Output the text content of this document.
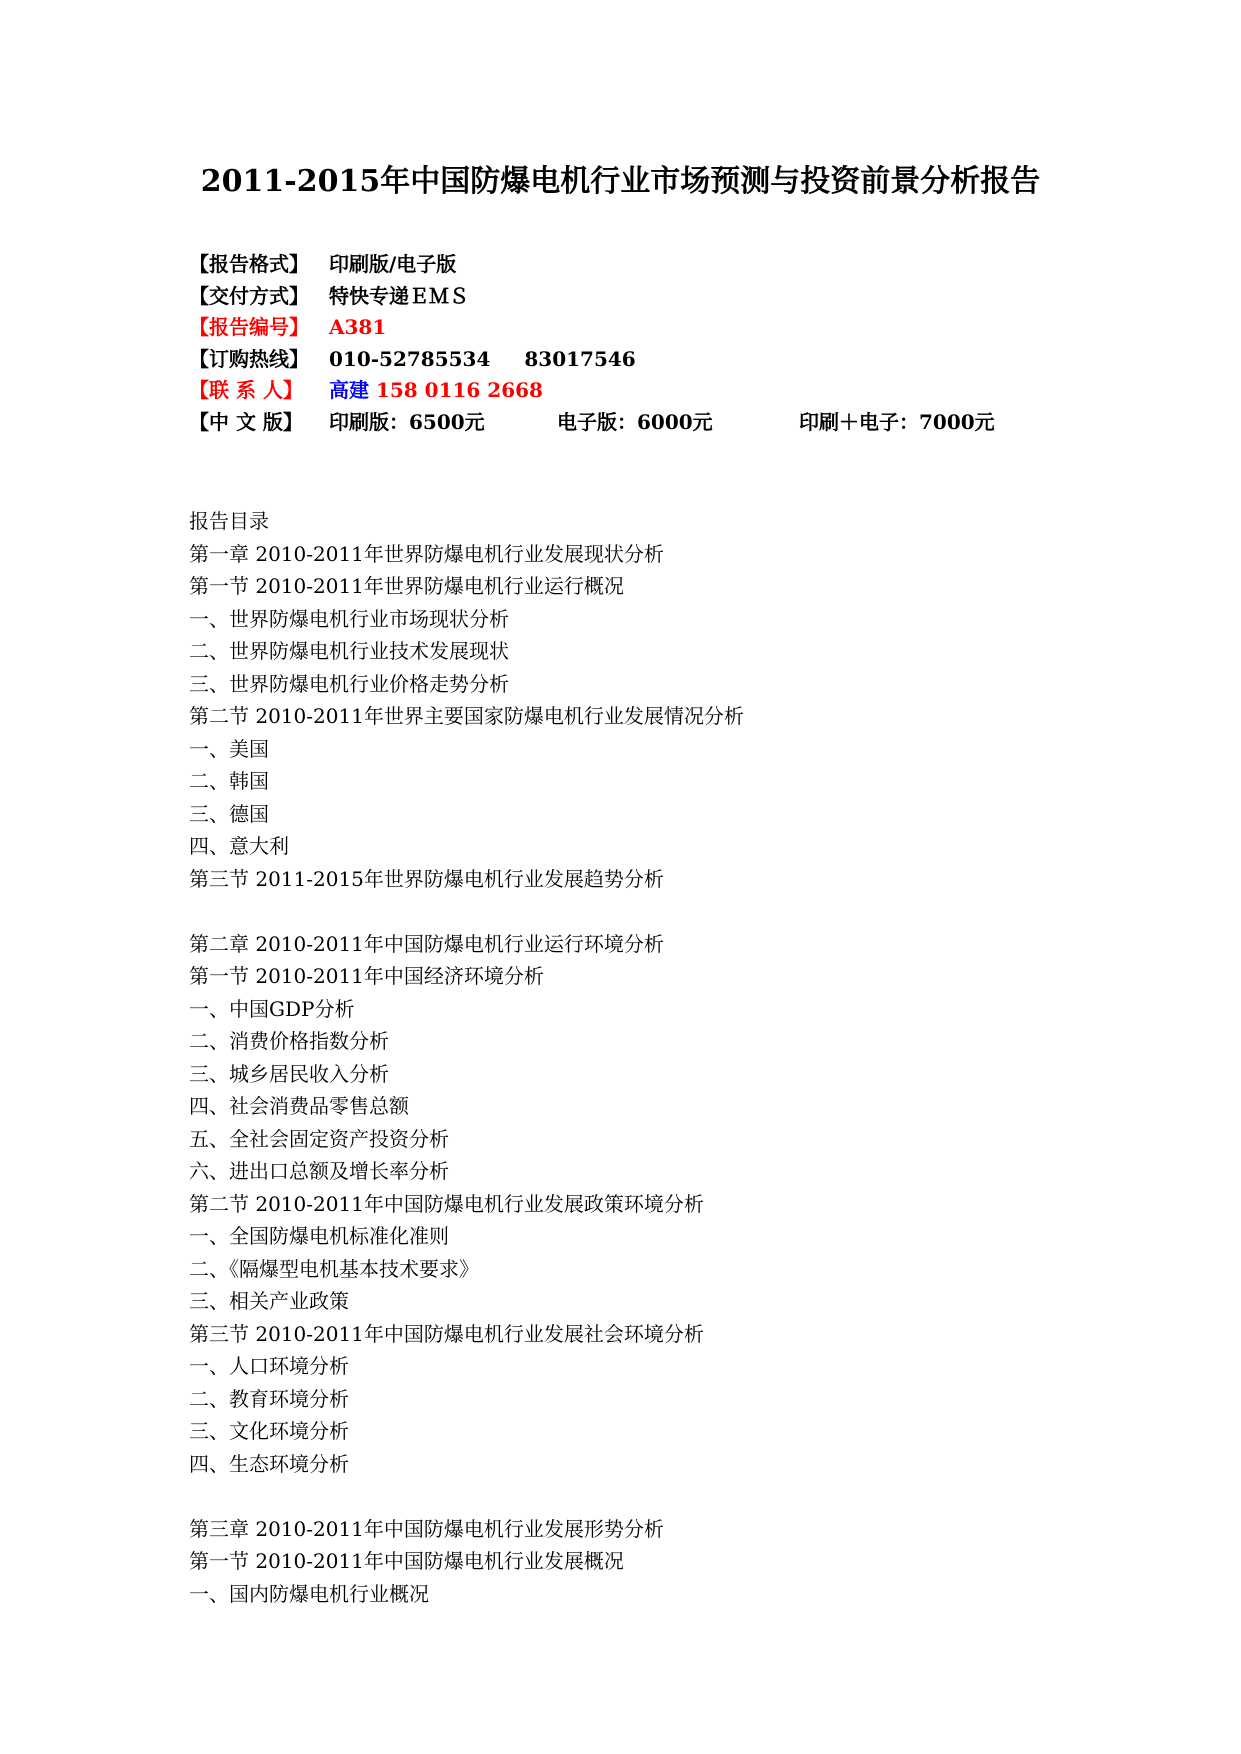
2011-2015年中国防爆电机行业市场预测与投资前景分析报告
【报告格式】 印刷版/电子版
【交付方式】 特快专递ＥＭＳ
【报告编号】 A381
【订购热线】 010-52785534 83017546
【联 系 人】 高建 158 0116 2668
【中 文 版】 印刷版：6500元	电子版：6000元	印刷＋电子：7000元
报告目录
第一章 2010-2011年世界防爆电机行业发展现状分析
第一节 2010-2011年世界防爆电机行业运行概况
一、世界防爆电机行业市场现状分析
二、世界防爆电机行业技术发展现状
三、世界防爆电机行业价格走势分析
第二节 2010-2011年世界主要国家防爆电机行业发展情况分析
一、美国
二、韩国
三、德国
四、意大利
第三节 2011-2015年世界防爆电机行业发展趋势分析
第二章 2010-2011年中国防爆电机行业运行环境分析
第一节 2010-2011年中国经济环境分析
一、中国GDP分析
二、消费价格指数分析
三、城乡居民收入分析
四、社会消费品零售总额
五、全社会固定资产投资分析
六、进出口总额及增长率分析
第二节 2010-2011年中国防爆电机行业发展政策环境分析
一、全国防爆电机标准化准则
二、《隔爆型电机基本技术要求》
三、相关产业政策
第三节 2010-2011年中国防爆电机行业发展社会环境分析
一、人口环境分析
二、教育环境分析
三、文化环境分析
四、生态环境分析
第三章 2010-2011年中国防爆电机行业发展形势分析
第一节 2010-2011年中国防爆电机行业发展概况
一、国内防爆电机行业概况
